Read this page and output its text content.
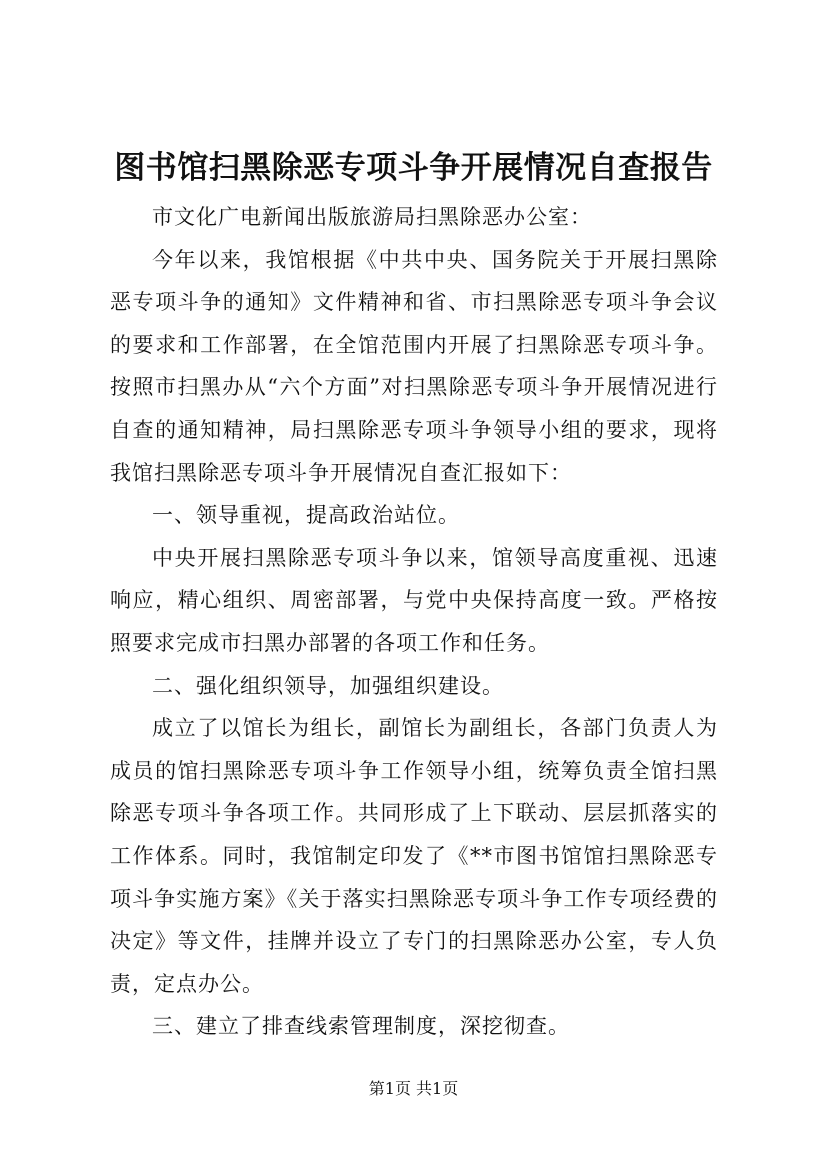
图书馆扫黑除恶专项斗争开展情况自查报告

市文化广电新闻出版旅游局扫黑除恶办公室：

今年以来，我馆根据《中共中央、国务院关于开展扫黑除恶专项斗争的通知》文件精神和省、市扫黑除恶专项斗争会议的要求和工作部署，在全馆范围内开展了扫黑除恶专项斗争。按照市扫黑办从“六个方面”对扫黑除恶专项斗争开展情况进行自查的通知精神，局扫黑除恶专项斗争领导小组的要求，现将我馆扫黑除恶专项斗争开展情况自查汇报如下：

一、领导重视，提高政治站位。

中央开展扫黑除恶专项斗争以来，馆领导高度重视、迅速响应，精心组织、周密部署，与党中央保持高度一致。严格按照要求完成市扫黑办部署的各项工作和任务。

二、强化组织领导，加强组织建设。

成立了以馆长为组长，副馆长为副组长，各部门负责人为成员的馆扫黑除恶专项斗争工作领导小组，统筹负责全馆扫黑除恶专项斗争各项工作。共同形成了上下联动、层层抓落实的工作体系。同时，我馆制定印发了《**市图书馆馆扫黑除恶专项斗争实施方案》《关于落实扫黑除恶专项斗争工作专项经费的决定》等文件，挂牌并设立了专门的扫黑除恶办公室，专人负责，定点办公。

三、建立了排查线索管理制度，深挖彻查。

第1页 共1页
